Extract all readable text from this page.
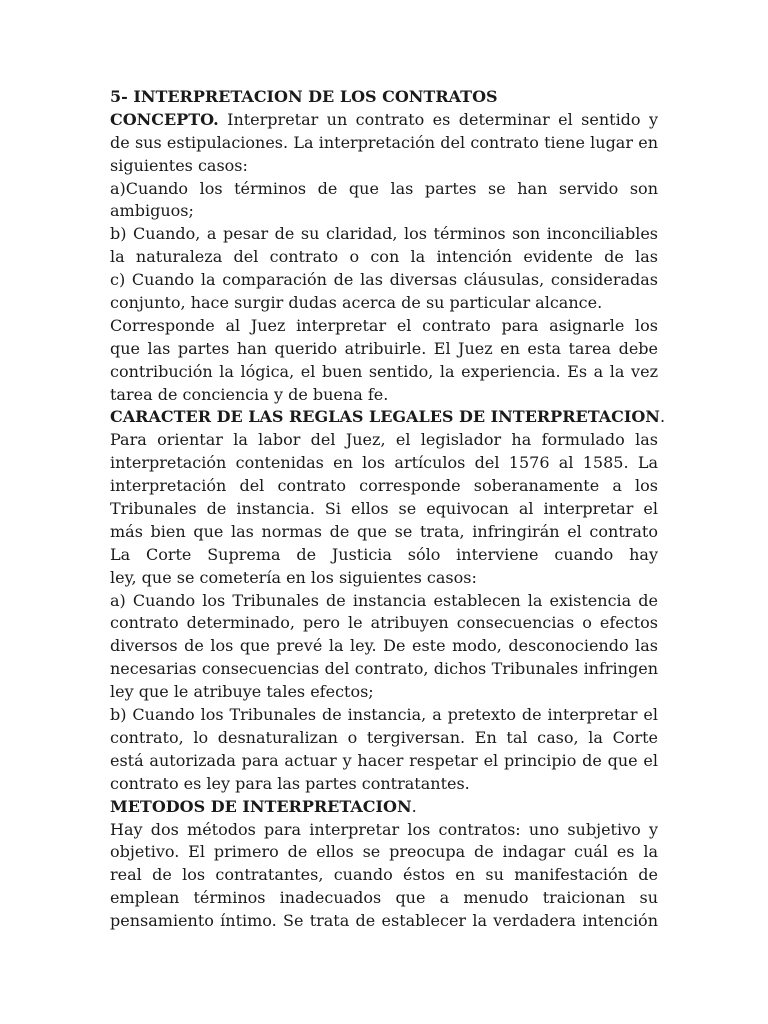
5- INTERPRETACION DE LOS CONTRATOS
CONCEPTO. Interpretar un contrato es determinar el sentido y
de sus estipulaciones. La interpretación del contrato tiene lugar en
siguientes casos:
a)Cuando los términos de que las partes se han servido son
ambiguos;
b) Cuando, a pesar de su claridad, los términos son inconciliables
la naturaleza del contrato o con la intención evidente de las
c) Cuando la comparación de las diversas cláusulas, consideradas
conjunto, hace surgir dudas acerca de su particular alcance.
Corresponde al Juez interpretar el contrato para asignarle los
que las partes han querido atribuirle. El Juez en esta tarea debe
contribución la lógica, el buen sentido, la experiencia. Es a la vez
tarea de conciencia y de buena fe.
CARACTER DE LAS REGLAS LEGALES DE INTERPRETACION.
Para orientar la labor del Juez, el legislador ha formulado las
interpretación contenidas en los artículos del 1576 al 1585. La
interpretación del contrato corresponde soberanamente a los
Tribunales de instancia. Si ellos se equivocan al interpretar el
más bien que las normas de que se trata, infringirán el contrato
La Corte Suprema de Justicia sólo interviene cuando hay
ley, que se cometería en los siguientes casos:
a) Cuando los Tribunales de instancia establecen la existencia de
contrato determinado, pero le atribuyen consecuencias o efectos
diversos de los que prevé la ley. De este modo, desconociendo las
necesarias consecuencias del contrato, dichos Tribunales infringen
ley que le atribuye tales efectos;
b) Cuando los Tribunales de instancia, a pretexto de interpretar el
contrato, lo desnaturalizan o tergiversan. En tal caso, la Corte
está autorizada para actuar y hacer respetar el principio de que el
contrato es ley para las partes contratantes.
METODOS DE INTERPRETACION.
Hay dos métodos para interpretar los contratos: uno subjetivo y
objetivo. El primero de ellos se preocupa de indagar cuál es la
real de los contratantes, cuando éstos en su manifestación de
emplean términos inadecuados que a menudo traicionan su
pensamiento íntimo. Se trata de establecer la verdadera intención
